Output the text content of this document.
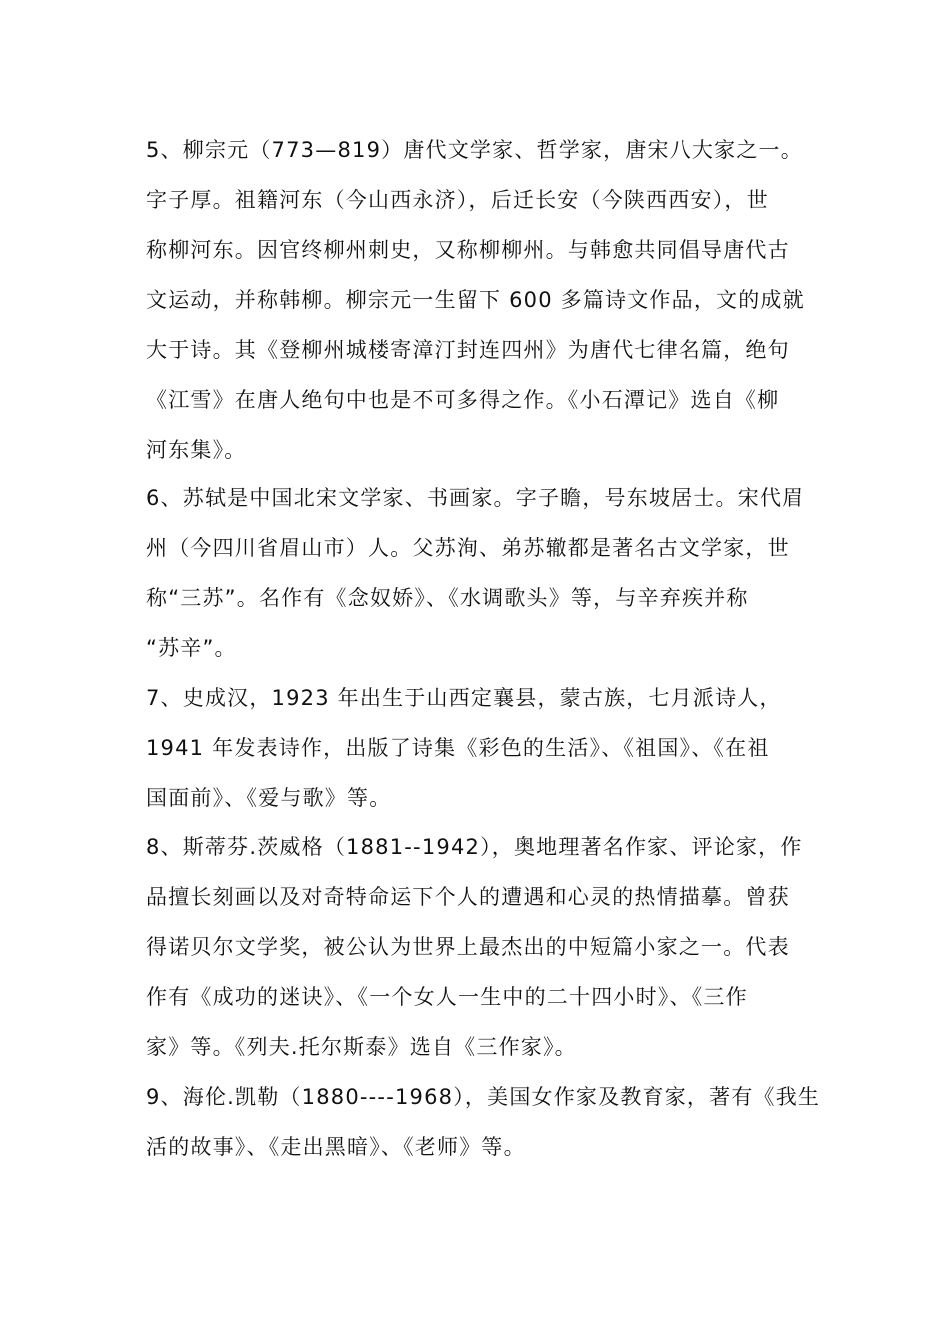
5、柳宗元（773—819）唐代文学家、哲学家，唐宋八大家之一。
字子厚。祖籍河东（今山西永济），后迁长安（今陕西西安），世
称柳河东。因官终柳州刺史，又称柳柳州。与韩愈共同倡导唐代古
文运动，并称韩柳。柳宗元一生留下 600 多篇诗文作品，文的成就
大于诗。其《登柳州城楼寄漳汀封连四州》为唐代七律名篇，绝句
《江雪》在唐人绝句中也是不可多得之作。《小石潭记》选自《柳
河东集》。
6、苏轼是中国北宋文学家、书画家。字子瞻，号东坡居士。宋代眉
州（今四川省眉山市）人。父苏洵、弟苏辙都是著名古文学家，世
称“三苏”。名作有《念奴娇》、《水调歌头》等，与辛弃疾并称
“苏辛”。
7、史成汉，1923 年出生于山西定襄县，蒙古族，七月派诗人，
1941 年发表诗作，出版了诗集《彩色的生活》、《祖国》、《在祖
国面前》、《爱与歌》等。
8、斯蒂芬.茨威格（1881--1942），奥地理著名作家、评论家，作
品擅长刻画以及对奇特命运下个人的遭遇和心灵的热情描摹。曾获
得诺贝尔文学奖，被公认为世界上最杰出的中短篇小家之一。代表
作有《成功的迷诀》、《一个女人一生中的二十四小时》、《三作
家》等。《列夫.托尔斯泰》选自《三作家》。
9、海伦.凯勒（1880----1968），美国女作家及教育家，著有《我生
活的故事》、《走出黑暗》、《老师》等。
